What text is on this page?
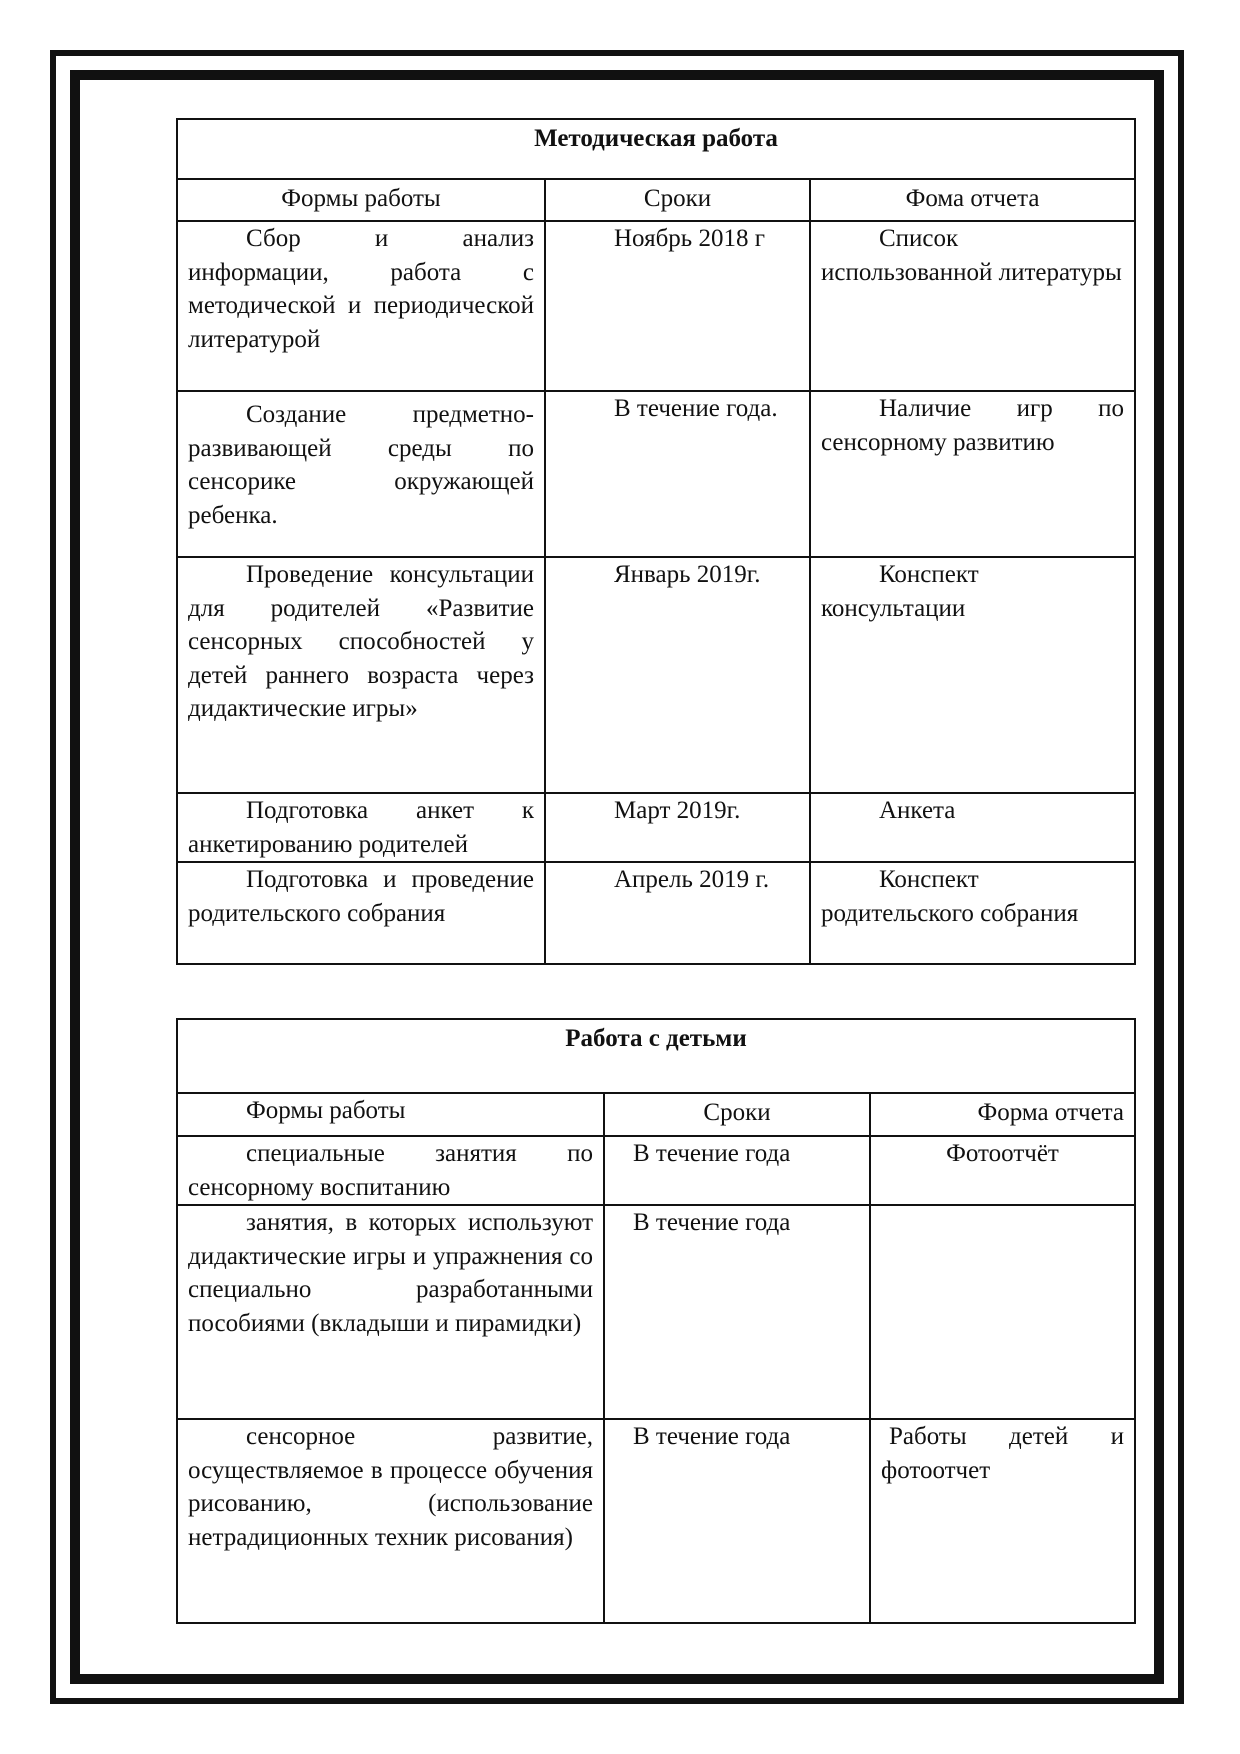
Методическая работа		
Формы работы	Сроки	Фома отчета
Сбор и анализ информации, работа с методической и периодической литературой	Ноябрь 2018 г	Список использованной литературы
Создание предметно-развивающей среды по сенсорике окружающей ребенка.	В течение года.	Наличие игр по сенсорному развитию
Проведение консультации для родителей «Развитие сенсорных способностей у детей раннего возраста через дидактические игры»	Январь 2019г.	Конспект консультации
Подготовка анкет к анкетированию родителей	Март 2019г.	Анкета
Подготовка и проведение родительского собрания	Апрель 2019 г.	Конспект родительского собрания
Работа с детьми		
Формы работы	Сроки	Форма отчета
специальные занятия по сенсорному воспитанию	В течение года	Фотоотчёт
занятия, в которых используют дидактические игры и упражнения со специально разработанными пособиями (вкладыши и пирамидки)	В течение года	
сенсорное развитие, осуществляемое в процессе обучения рисованию, (использование нетрадиционных техник рисования)	В течение года	Работы детей и фотоотчет
